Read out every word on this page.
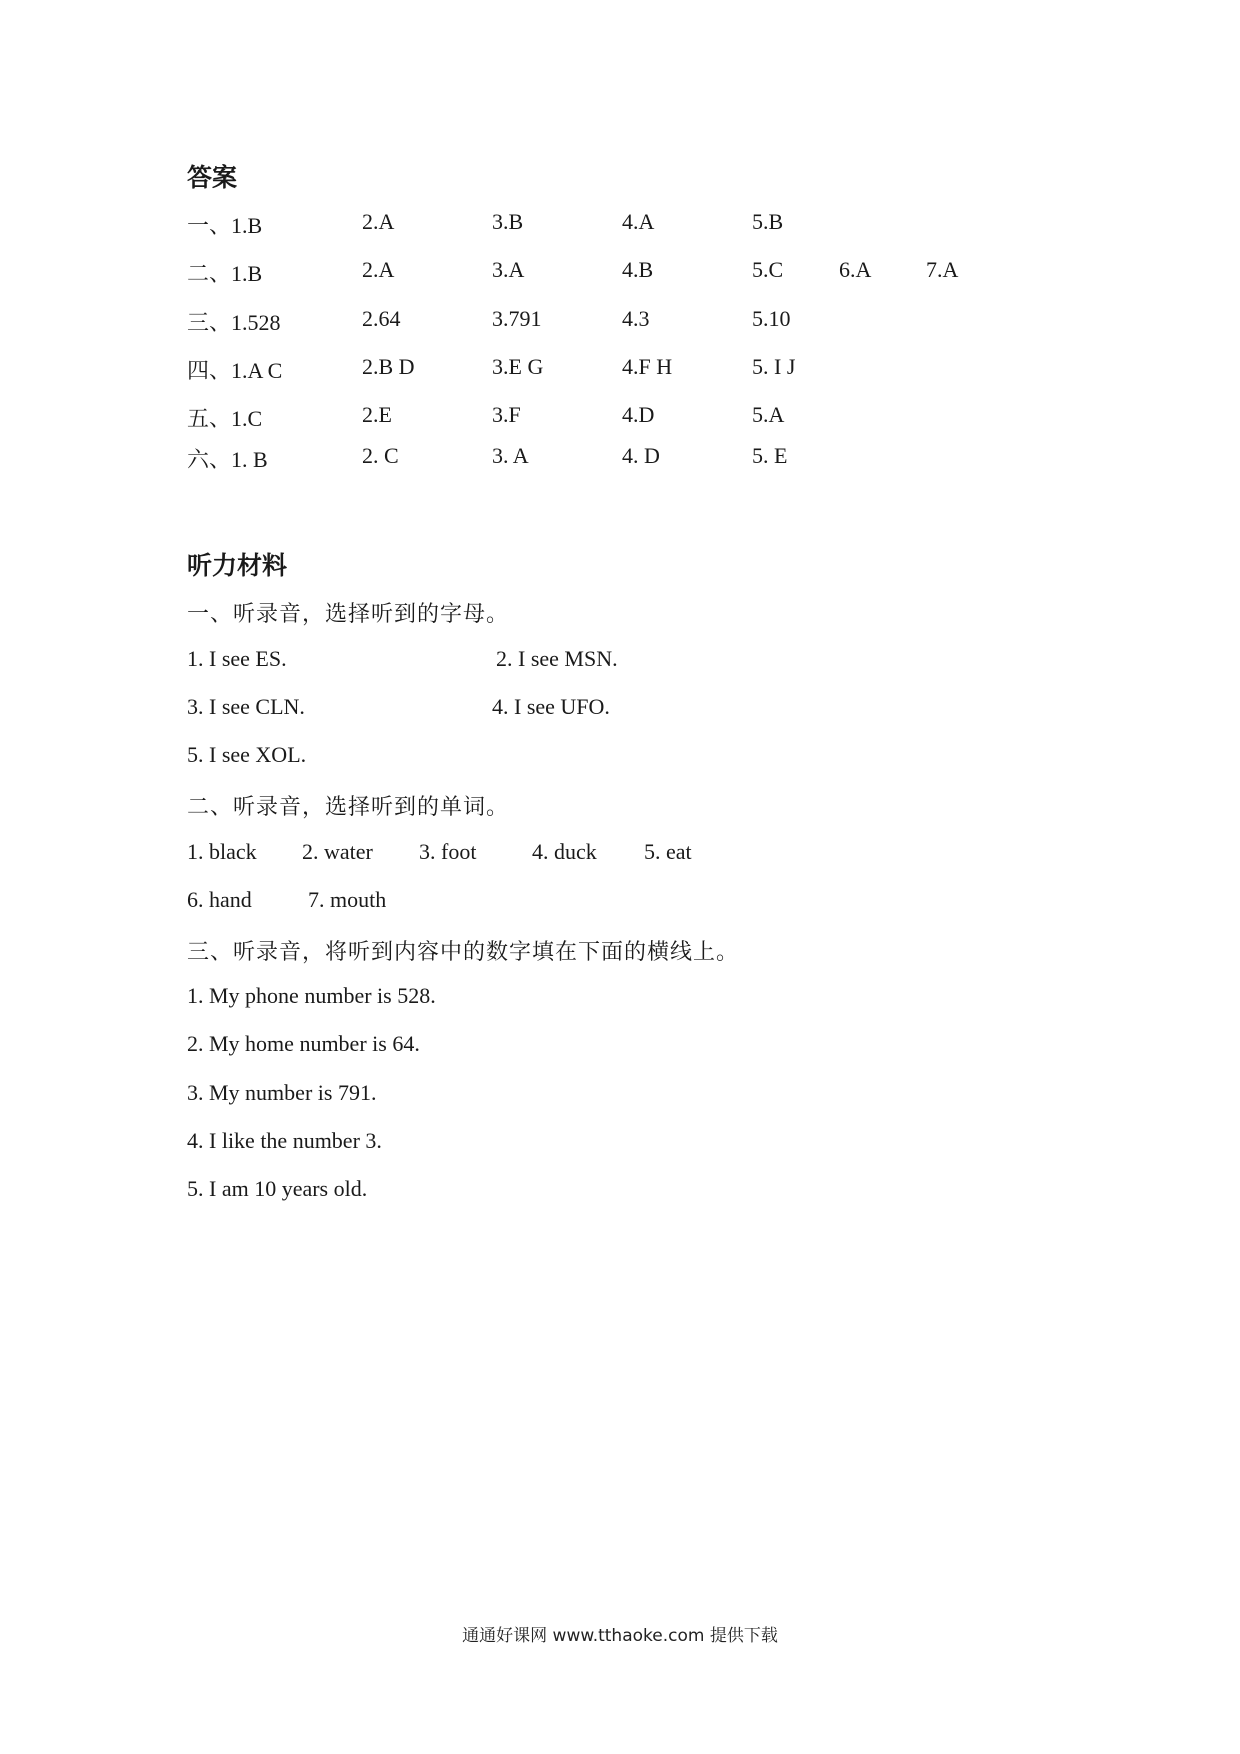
答案
一、1.B	2.A	3.B	4.A	5.B
二、1.B	2.A	3.A	4.B	5.C	6.A 7.A
三、1.528	2.64	3.791	4.3	5.10
四、1.A C	2.B D	3.E G	4.F H	5. I J
五、1.C	2.E	3.F	4.D	5.A
六、1. B	2. C	3. A	4. D	5. E
听力材料
一、听录音，选择听到的字母。
1. I see ES.	2. I see MSN.
3. I see CLN.	4. I see UFO.
5. I see XOL.
二、听录音，选择听到的单词。
1. black 2. water 3. foot	4. duck 5. eat
6. hand	7. mouth
三、听录音，将听到内容中的数字填在下面的横线上。
1. My phone number is 528.
2. My home number is 64.
3. My number is 791.
4. I like the number 3.
5. I am 10 years old.
通通好课网 www.tthaoke.com 提供下载
